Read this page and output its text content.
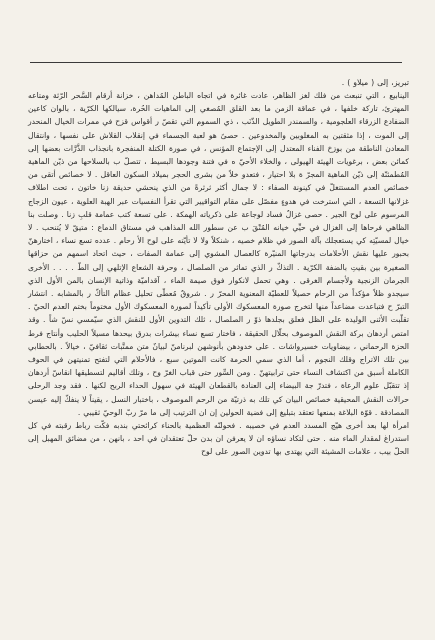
تبريز، إلى ( ميلاو ) .

الينابيع ، التي تنبعث من فلك لغز الظاهر، عادت غائرة في اتجاه الباطن المُداهن ، خزانة أرقام السَّحر الرّثة ومتاعه المهترئ، تاركة خلفها ، في عماقة الزمن ما بعد القلق المُصغي إلى الماهيات الحُرة، سيالكها الكرّية ، بالوان كاعين الضفادع الزرقاء العلجومية ، والسمندر الطويل الذّنَب ، ذي السموم التي تقصّ ر أقواس قزح في ممرات الخيال المنحدر إلى الموت ، إذا مثقتين به المغلوبين والمخدوعين . حصىً هو لعبة الجسماء في إنقلاب القلاش على نفسها ، وانتقال المعادن الناطقة من بوزخ الفناء المعتدل إلى الإجتماع المؤنس ، في صورة الكتلة المنفجرة بانجذاب الذَّرَّات بعضها إلى كمائن بعض ، برغويات الهيئة الهيولى ، والخلاء الأحيّ ه في فتنة وجودها البسيط ، تتصلّ ب بالسلاحها من ذيّن الماهية المُطمئنّة إلى ذيّن الماهية المجرّ ة بلا احتيار ، فتعدو خلاً من بشرى الحجر بميلاد السكون العاقل . لا خصائص أتقى من خصائص العدم المستتغلّ في كينونة الصفاء : لا جمال أكثر ثرثرةً من الذي ينحشي حديقة زنا خاتون ، تحت اطلاف غزلانها التسعة ، التي استرخت في هدوءٍ مفصّل على مقام التواقيير التي تقرأ النفسيات عبر الهبة العلوية ، عيون الزجاج المرسوم على لوح الجير . حصى غزالٌ فساد لوجاعة على ذكرياته الهمكة . على تسعة كتب عمامة قلبِ زنا . وصلت بنا الظاهي فرحاها إلى الغزال في حيِّي خيانه المُتْقَ ب عن سطور الله المذاهب في مستاق الدماع : متيقّ لا يُتنحب . لا خيال لمسيّتِه كي يستعجلك بآلة الصور في ظلام خصيه ، شنكلاً ولا لا تأيّته على لوح الأ رحام . عدده تسع نساء ، اختارهنّ بحبور عليها نقش الأحلامات بدرجاتها المنيّرة كالعصال المشوي إلى عمامة الصفات ، حيث اتحاد اسمهم من حزاقها الصغيرة بين بقيتِ بالضفة الكرّية . التذكّ ر الذي تماثر من الصلصال ، وحرفة الشعاع الإتلهي إلى الطّ . . . . الأخرى الجرمان الزنجية ولأجسام الغرقى . وهي تحمل لانكوار فوق صيمة الماء ، آقداميّة وذاتية الإنسان بالمن الأول الذي سيجدو ظلاً مؤكداً من الرحام حصيلاً للعطيّة المعنوية المحرّ ر . شروقٌ مُعطّى تحليل عظام التأكّ ر بالمشابه . انتشار التبرّ ح فتباعدت مضاعداً منها لتخرج صورة المعسكوك الأولى تأكيداً لصورة المعسكوك الأول مختوماً بختم العدم الحيّ . تقلّبت الأثنى الوليدة على الظل فعلق بجلدها ذوّ ر الصلصال ، ثلك التدوين الأول للنقش الذي سيّمسي نسّ شاً . وقد امتص أردهان بركة النقش الموصوف بحلّال الحقيقة ، فاختار تسع نساء بيشرات بدرق بيحدها مسيلاً الحليب وأنتاج فرط الحزة الرحماني ، بيضاويات خسيرواشات . على خدودهن بأنوشهن لبرنامنّ لبيانٌ متن ممتَّبات ثقافيّ ، خيالاً . بالحطابي بين تلك الاتراج وقلك النجوم ، أما الذي سمي الحرمة كانت الموتين سبع ، فالأحلام التي لتفتح تمنيتهن في الحوف الكاملة أسبق من اكتشاف النساء حتى ترابيتهنّ . ومن السِّور حتى قباب الغرّ وح ، وتلك أقاليم لتسطيقها انقاسّ أردهان إذ تتقبّل علوم الرعاة ، فتدرّ جة البيضاء إلى العنادة بالقطعان الهيئة في سهول الحداء الربح لكنها . فقد وجد الرحلى حرالات النقش المحيقية خصائص البيان كي تلك به ذرتيّة من الرحم الموصوف ، باختبار النسل ، يقيناً لا ينفكّ إليه عيسن المصادقة . قوّة البلاغة بمنعها تعتقد بتبليغ إلى فضية الحولين إن ان الترتيب إلى ما مرّ ربّ الوحيّ ثقيبي .

امرأة لها بعد أخرى هيّج المسدد العدم في خصيبه . فحولنّه العظمية بالحناء كرائحتي بندبه فكّت رباط رقبته في كل استدراغ لمقدار الماء منه . حتى لتكاد نساؤه ان لا يعرفن ان بدن حلّ تعتقدان في احد ، بانهن ، من مضائق المهبل إلى الحلّ بيب ، علامات المشيئة التي يهتدى بها تدوين الصور على لوح
